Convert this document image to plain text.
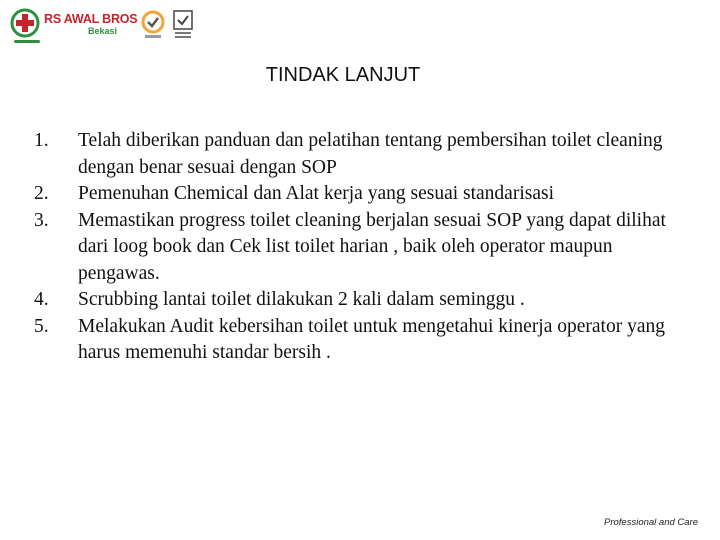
RS AWAL BROS
Bekasi
TINDAK LANJUT
1. Telah diberikan panduan dan pelatihan tentang pembersihan toilet cleaning dengan benar sesuai dengan SOP
2. Pemenuhan Chemical dan Alat kerja yang sesuai standarisasi
3. Memastikan progress toilet cleaning berjalan sesuai SOP yang dapat dilihat dari loog book dan Cek list toilet harian , baik oleh operator maupun pengawas.
4. Scrubbing lantai toilet dilakukan 2 kali dalam seminggu .
5. Melakukan Audit kebersihan toilet untuk mengetahui kinerja operator yang harus memenuhi standar bersih .
Professional and Care
